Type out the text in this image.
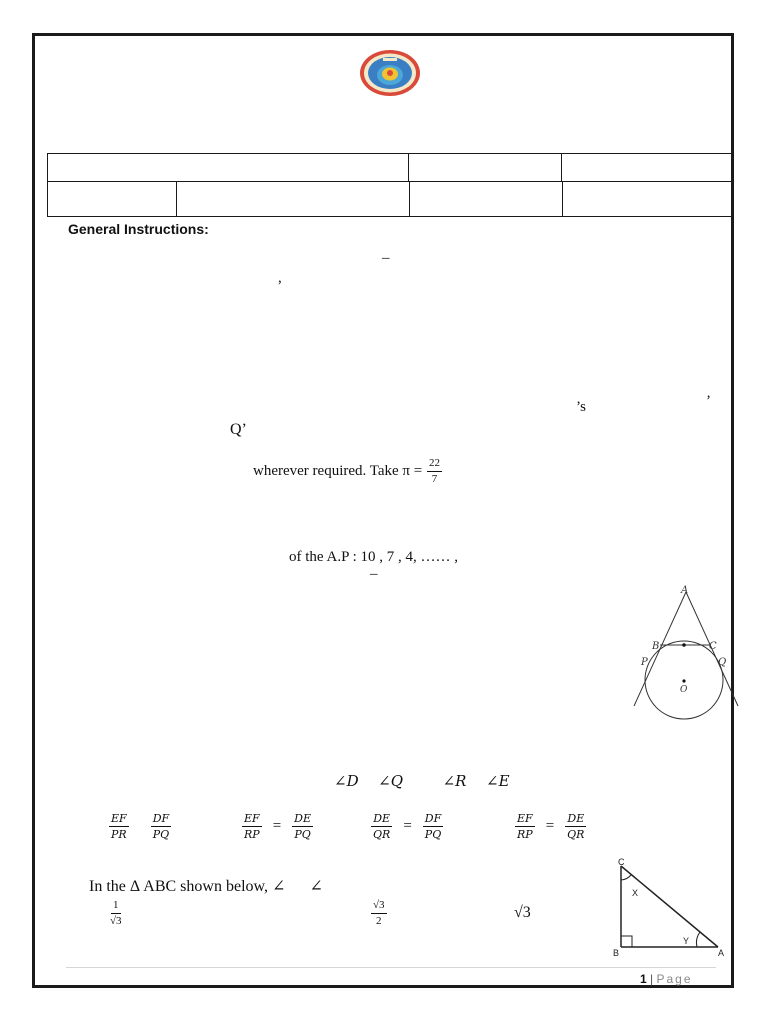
General Instructions:
–
,
’s	’
Q’
wherever required. Take $\pi = \frac{22}{7}$
of the A.P : 10 , 7 , 4, …… ,
–
A
B	C
P	Q
O
∠D ∠Q	∠R ∠E
$\frac{EF}{PR}$
$\frac{DF}{PQ}$	$\frac{EF}{RP} = \frac{DE}{PQ}$	$\frac{DE}{QR} = \frac{DF}{PQ}$	$\frac{EF}{RP} = \frac{DE}{QR}$
In the Δ ABC shown below, ∠ ∠
$\frac{1}{√3}$	$\frac{√3}{2}$	√3
C
B	A
X
Y
1 | Page
